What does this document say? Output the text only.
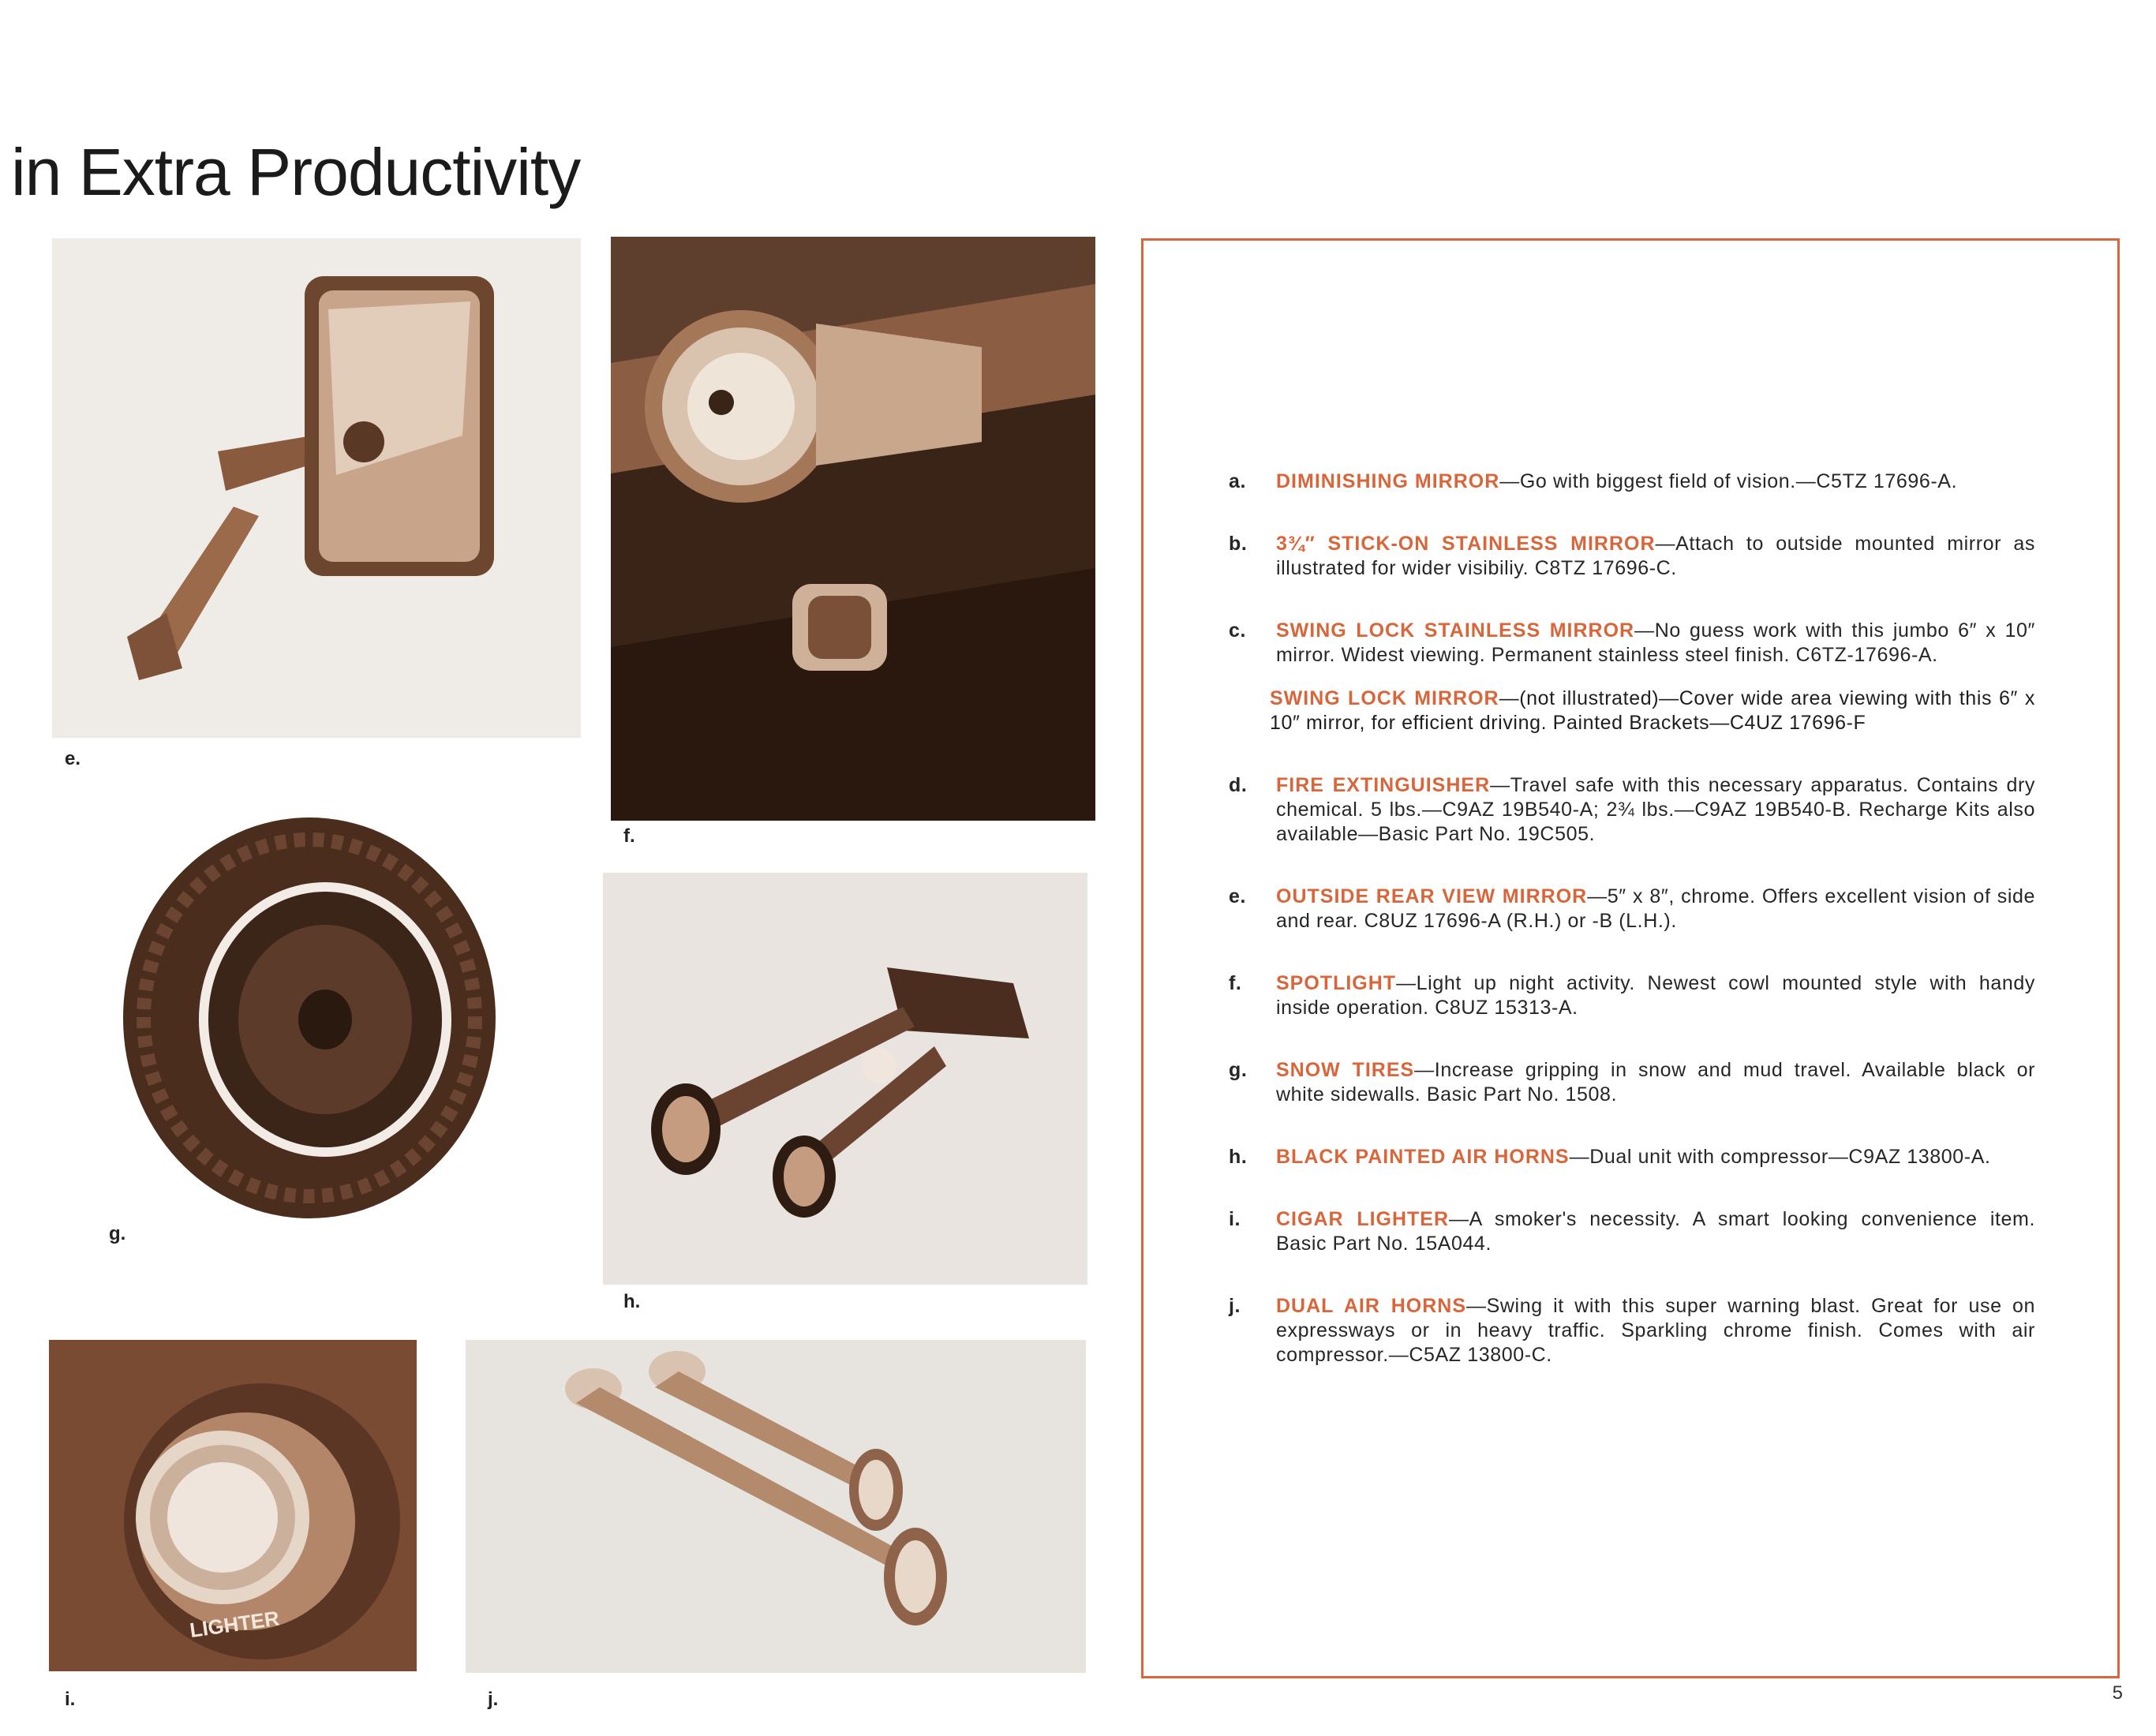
in Extra Productivity
e.
f.
g.
h.
LIGHTER
i.	j.
a.	DIMINISHING MIRROR—Go with biggest field of vision.—C5TZ 17696-A.
b.	3¾″ STICK-ON STAINLESS MIRROR—Attach to outside mounted mirror as illustrated for wider visibiliy. C8TZ 17696-C.
c.	SWING LOCK STAINLESS MIRROR—No guess work with this jumbo 6″ x 10″ mirror. Widest viewing. Permanent stainless steel finish. C6TZ-17696-A.
SWING LOCK MIRROR—(not illustrated)—Cover wide area viewing with this 6″ x 10″ mirror, for efficient driving. Painted Brackets—C4UZ 17696-F
d.	FIRE EXTINGUISHER—Travel safe with this necessary apparatus. Contains dry chemical. 5 lbs.—C9AZ 19B540-A; 2¾ lbs.—C9AZ 19B540-B. Recharge Kits also available—Basic Part No. 19C505.
e.	OUTSIDE REAR VIEW MIRROR—5″ x 8″, chrome. Offers excellent vision of side and rear. C8UZ 17696-A (R.H.) or -B (L.H.).
f.	SPOTLIGHT—Light up night activity. Newest cowl mounted style with handy inside operation. C8UZ 15313-A.
g.	SNOW TIRES—Increase gripping in snow and mud travel. Available black or white sidewalls. Basic Part No. 1508.
h.	BLACK PAINTED AIR HORNS—Dual unit with compressor—C9AZ 13800-A.
i.	CIGAR LIGHTER—A smoker's necessity. A smart looking convenience item. Basic Part No. 15A044.
j.	DUAL AIR HORNS—Swing it with this super warning blast. Great for use on expressways or in heavy traffic. Sparkling chrome finish. Comes with air compressor.—C5AZ 13800-C.
5
